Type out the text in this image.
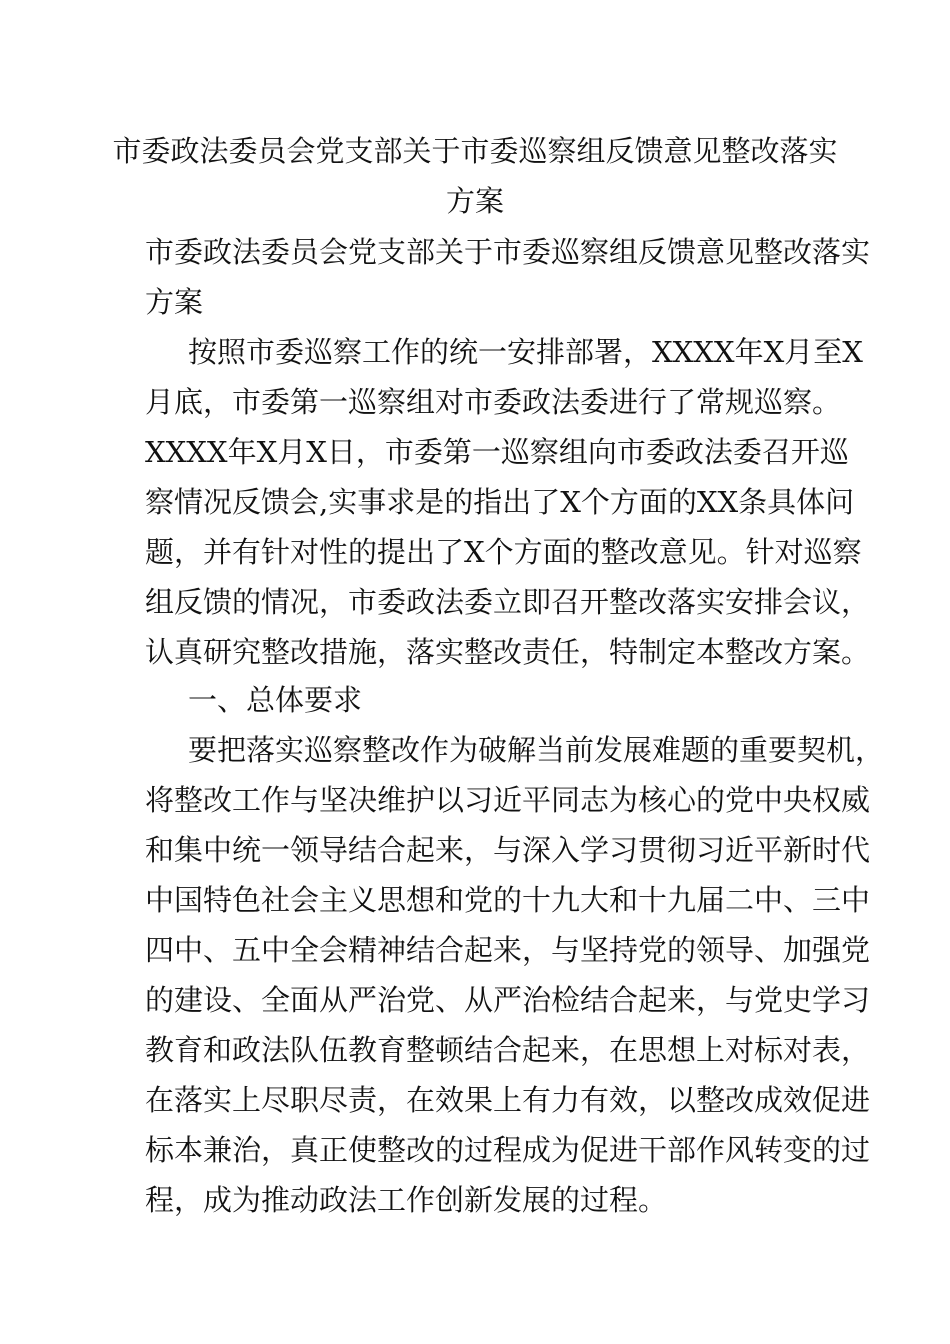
市委政法委员会党支部关于市委巡察组反馈意见整改落实
方案
市委政法委员会党支部关于市委巡察组反馈意见整改落实
方案
按照市委巡察工作的统一安排部署，XXXX年X月至X
月底，市委第一巡察组对市委政法委进行了常规巡察。
XXXX年X月X日，市委第一巡察组向市委政法委召开巡
察情况反馈会,实事求是的指出了X个方面的XX条具体问
题，并有针对性的提出了X个方面的整改意见。针对巡察
组反馈的情况，市委政法委立即召开整改落实安排会议，
认真研究整改措施，落实整改责任，特制定本整改方案。
一、总体要求
要把落实巡察整改作为破解当前发展难题的重要契机，
将整改工作与坚决维护以习近平同志为核心的党中央权威
和集中统一领导结合起来，与深入学习贯彻习近平新时代
中国特色社会主义思想和党的十九大和十九届二中、三中
四中、五中全会精神结合起来，与坚持党的领导、加强党
的建设、全面从严治党、从严治检结合起来，与党史学习
教育和政法队伍教育整顿结合起来，在思想上对标对表，
在落实上尽职尽责，在效果上有力有效，以整改成效促进
标本兼治，真正使整改的过程成为促进干部作风转变的过
程，成为推动政法工作创新发展的过程。
